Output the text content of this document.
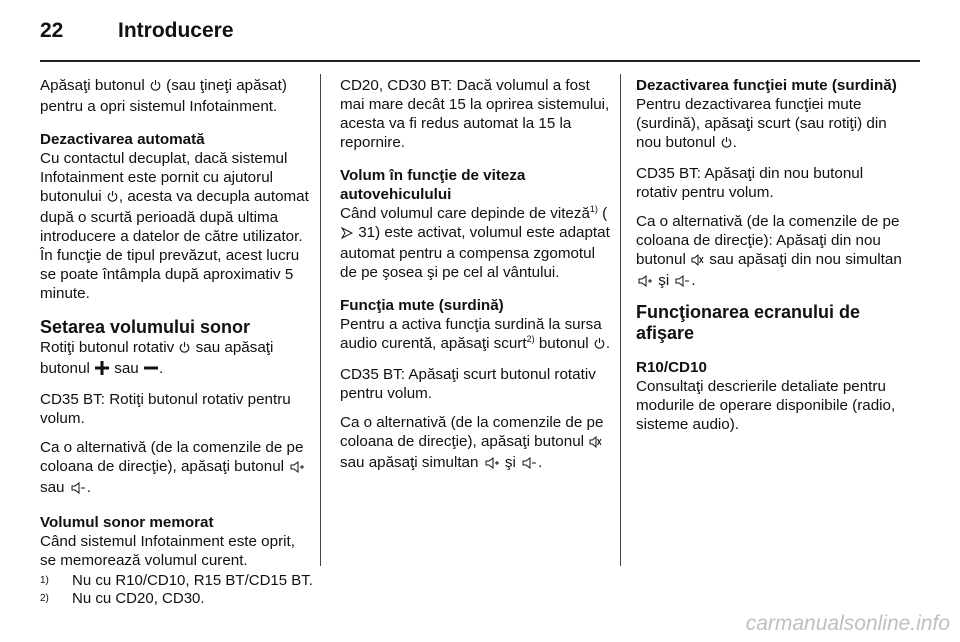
22	Introducere

Apăsaţi butonul  (sau ţineţi apăsat) pentru a opri sistemul Infotainment.

Dezactivarea automată

Cu contactul decuplat, dacă sistemul Infotainment este pornit cu ajutorul butonului , acesta va decupla automat după o scurtă perioadă după ultima introducere a datelor de către utilizator. În funcţie de tipul prevăzut, acest lucru se poate întâmpla după aproximativ 5 minute.

Setarea volumului sonor

Rotiţi butonul rotativ  sau apăsaţi butonul  sau .

CD35 BT: Rotiţi butonul rotativ pentru volum.

Ca o alternativă (de la comenzile de pe coloana de direcţie), apăsaţi butonul  sau .

Volumul sonor memorat

Când sistemul Infotainment este oprit, se memorează volumul curent.

CD20, CD30 BT: Dacă volumul a fost mai mare decât 15 la oprirea sistemului, acesta va fi redus automat la 15 la repornire.

Volum în funcţie de viteza autovehiculului

Când volumul care depinde de viteză$^{1)}$ ( 31) este activat, volumul este adaptat automat pentru a compensa zgomotul de pe şosea şi pe cel al vântului.

Funcţia mute (surdină)

Pentru a activa funcţia surdină la sursa audio curentă, apăsaţi scurt$^{2)}$ butonul .

CD35 BT: Apăsaţi scurt butonul rotativ pentru volum.

Ca o alternativă (de la comenzile de pe coloana de direcţie), apăsaţi butonul  sau apăsaţi simultan  şi .

Dezactivarea funcţiei mute (surdină)

Pentru dezactivarea funcţiei mute (surdină), apăsaţi scurt (sau rotiţi) din nou butonul .

CD35 BT: Apăsaţi din nou butonul rotativ pentru volum.

Ca o alternativă (de la comenzile de pe coloana de direcţie): Apăsaţi din nou butonul  sau apăsaţi din nou simultan  şi .

Funcţionarea ecranului de afişare
R10/CD10

Consultaţi descrierile detaliate pentru modurile de operare disponibile (radio, sisteme audio).

1) Nu cu R10/CD10, R15 BT/CD15 BT.
2) Nu cu CD20, CD30.
carmanualsonline.info
